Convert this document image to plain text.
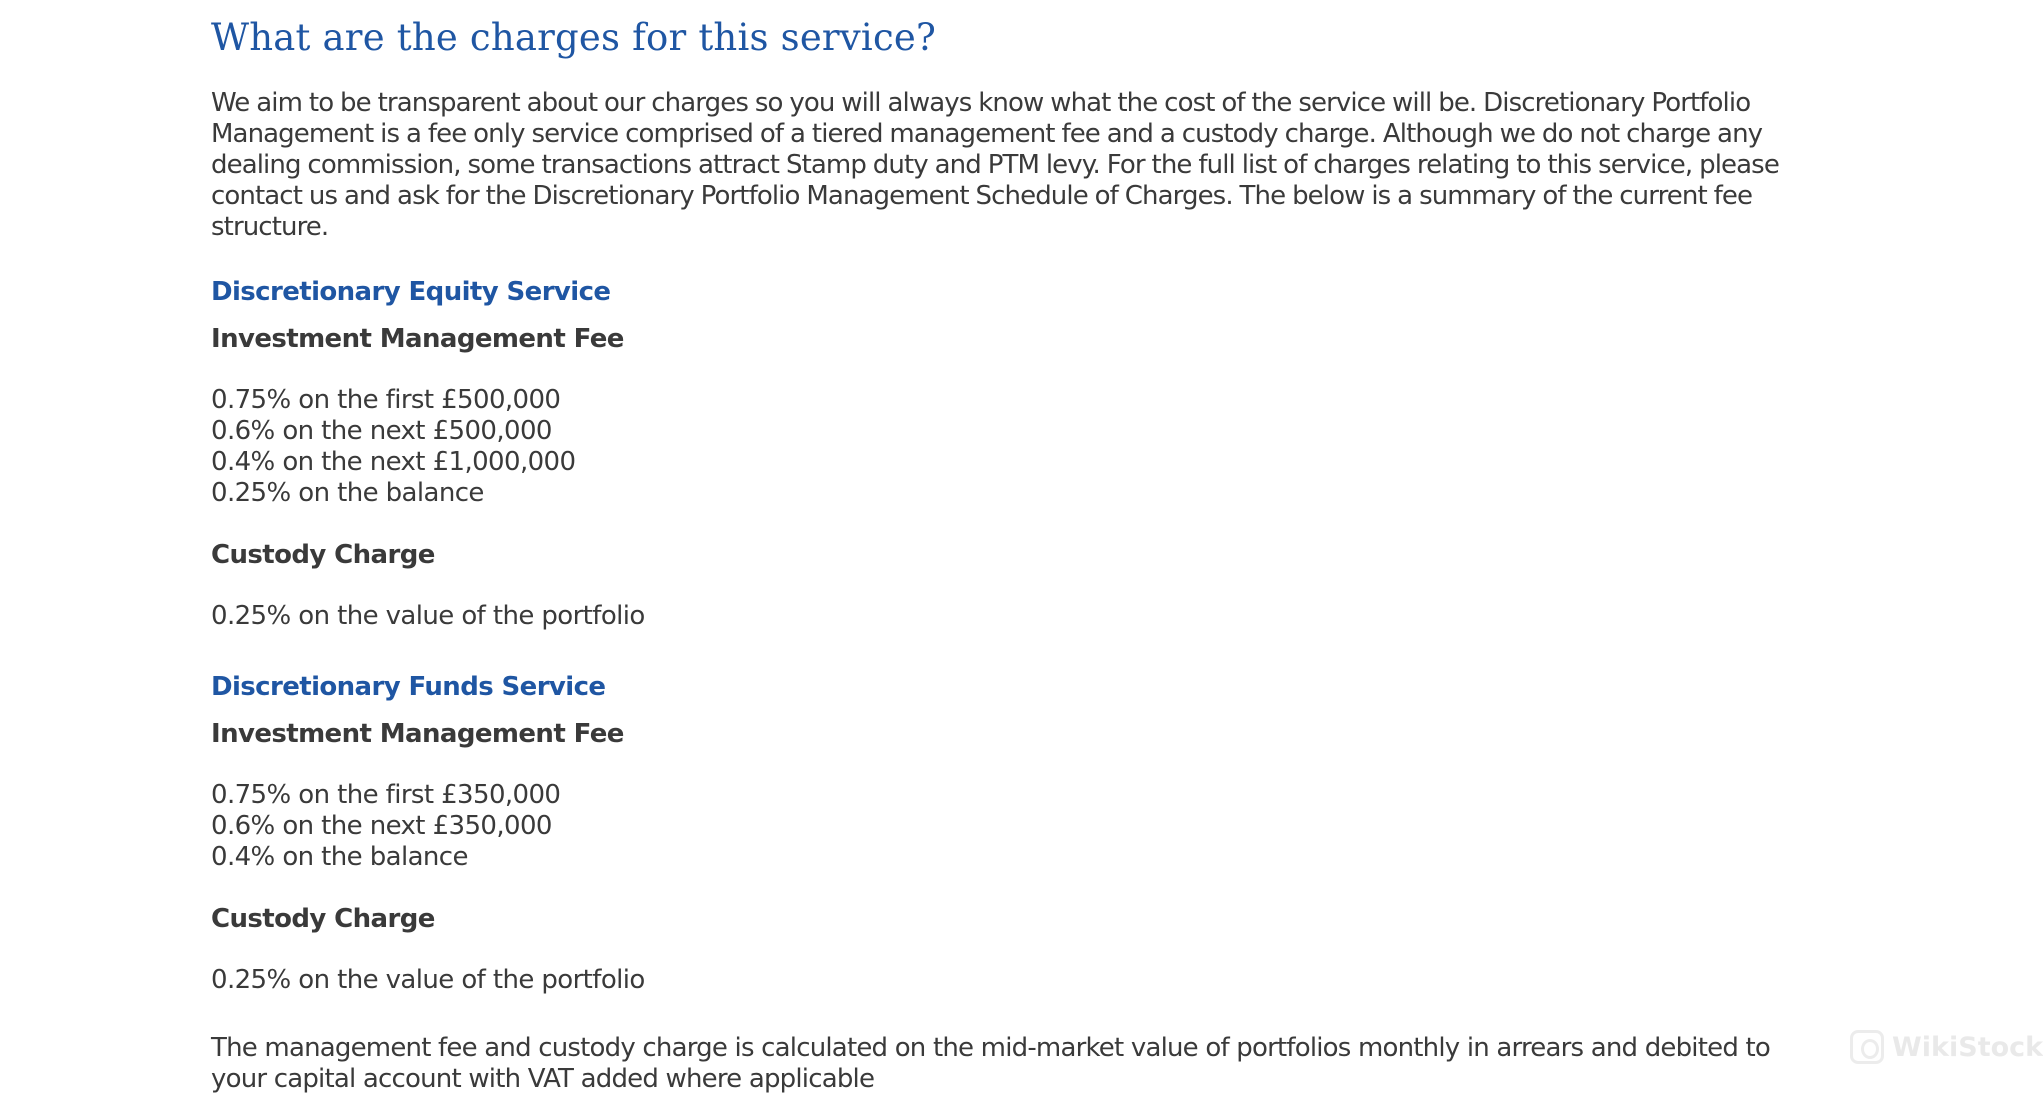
What are the charges for this service?

We aim to be transparent about our charges so you will always know what the cost of the service will be. Discretionary Portfolio Management is a fee only service comprised of a tiered management fee and a custody charge. Although we do not charge any dealing commission, some transactions attract Stamp duty and PTM levy. For the full list of charges relating to this service, please contact us and ask for the Discretionary Portfolio Management Schedule of Charges. The below is a summary of the current fee structure.

Discretionary Equity Service
Investment Management Fee

0.75% on the first £500,000

0.6% on the next £500,000

0.4% on the next £1,000,000

0.25% on the balance

Custody Charge

0.25% on the value of the portfolio

Discretionary Funds Service
Investment Management Fee

0.75% on the first £350,000

0.6% on the next £350,000

0.4% on the balance

Custody Charge

0.25% on the value of the portfolio

The management fee and custody charge is calculated on the mid-market value of portfolios monthly in arrears and debited to your capital account with VAT added where applicable

WikiStock
